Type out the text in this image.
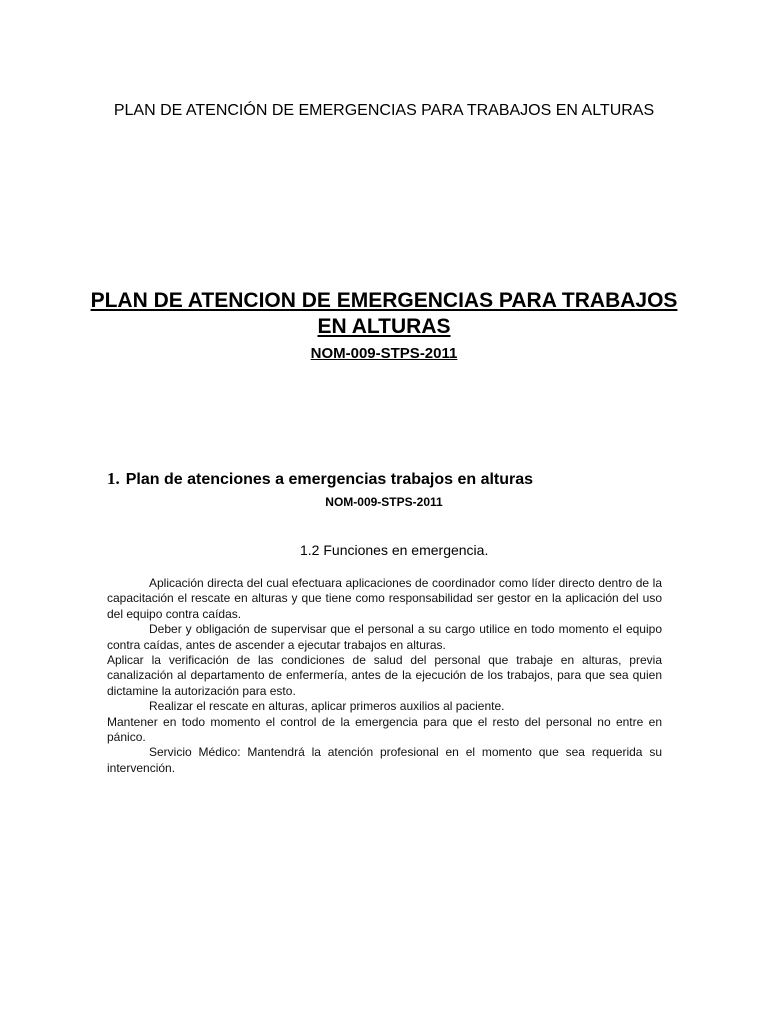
PLAN DE ATENCIÓN DE EMERGENCIAS PARA TRABAJOS EN ALTURAS
PLAN DE ATENCION DE EMERGENCIAS PARA TRABAJOS EN ALTURAS
NOM-009-STPS-2011
1. Plan de atenciones a emergencias trabajos en alturas
NOM-009-STPS-2011
1.2 Funciones en emergencia.

Aplicación directa del cual efectuara aplicaciones de coordinador como líder directo dentro de la capacitación el rescate en alturas y que tiene como responsabilidad ser gestor en la aplicación del uso del equipo contra caídas.

Deber y obligación de supervisar que el personal a su cargo utilice en todo momento el equipo contra caídas, antes de ascender a ejecutar trabajos en alturas.

Aplicar la verificación de las condiciones de salud del personal que trabaje en alturas, previa canalización al departamento de enfermería, antes de la ejecución de los trabajos, para que sea quien dictamine la autorización para esto.

Realizar el rescate en alturas, aplicar primeros auxilios al paciente.

Mantener en todo momento el control de la emergencia para que el resto del personal no entre en pánico.

Servicio Médico: Mantendrá la atención profesional en el momento que sea requerida su intervención.
